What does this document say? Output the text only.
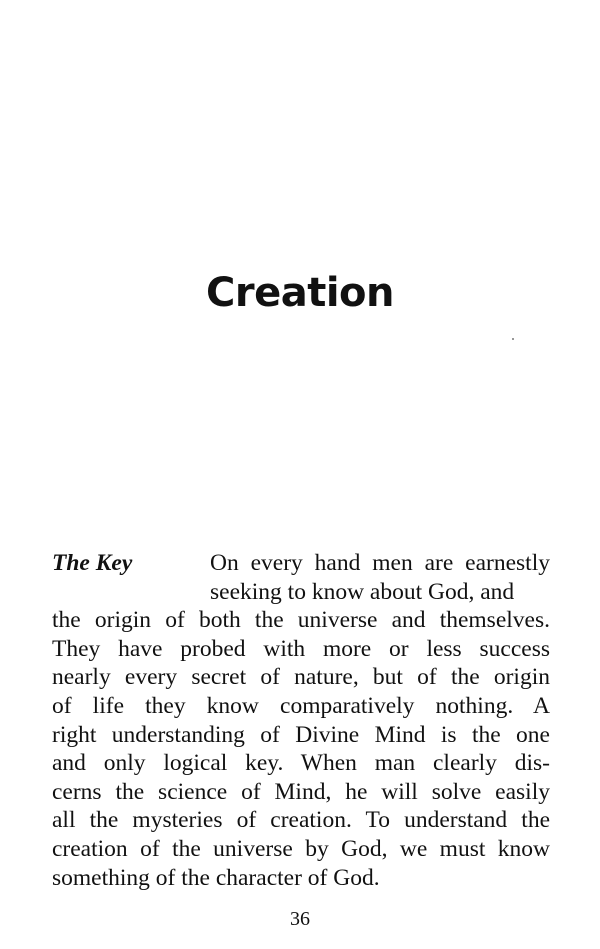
Creation
The Key	On every hand men are earnestly
seeking to know about God, and
the origin of both the universe and themselves.
They have probed with more or less success
nearly every secret of nature, but of the origin
of life they know comparatively nothing. A
right understanding of Divine Mind is the one
and only logical key. When man clearly dis-
cerns the science of Mind, he will solve easily
all the mysteries of creation. To understand the
creation of the universe by God, we must know
something of the character of God.
36
